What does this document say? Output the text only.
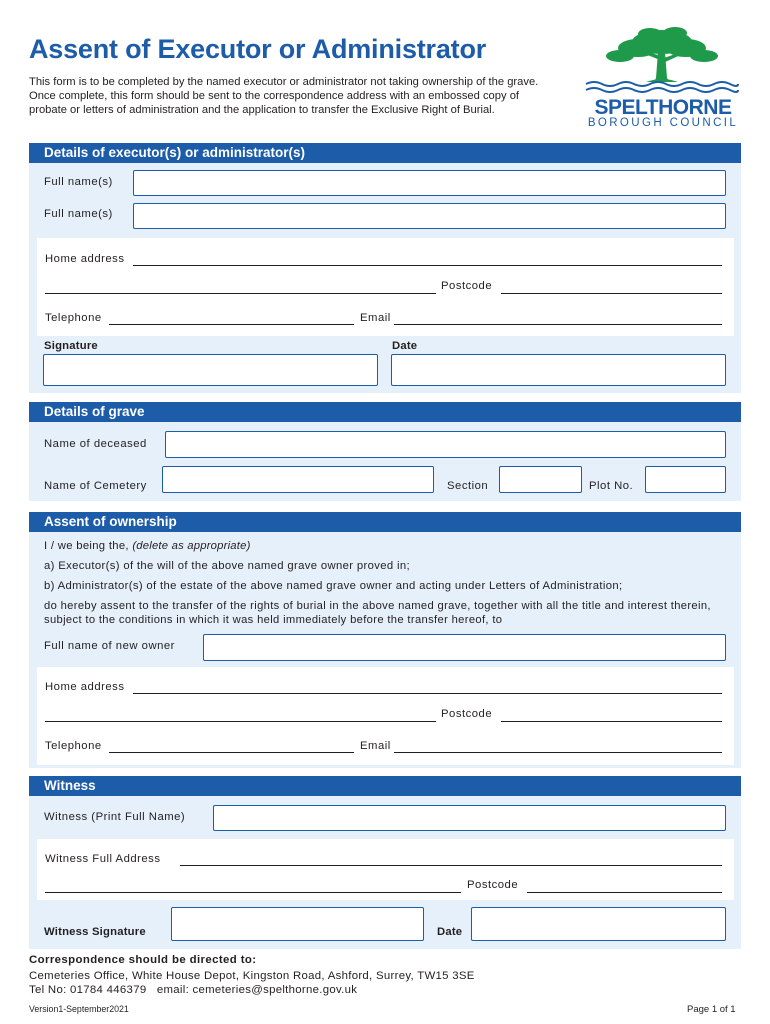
Assent of Executor or Administrator
This form is to be completed by the named executor or administrator not taking ownership of the grave. Once complete, this form should be sent to the correspondence address with an embossed copy of probate or letters of administration and the application to transfer the Exclusive Right of Burial.	SPELTHORNE
BOROUGH COUNCIL
Details of executor(s) or administrator(s)
Full name(s)
Full name(s)
Home address
Postcode
Telephone	Email
Signature	Date
Details of grave
Name of deceased
Name of Cemetery	Section	Plot No.
Assent of ownership
I / we being the, (delete as appropriate)
a) Executor(s) of the will of the above named grave owner proved in;
b) Administrator(s) of the estate of the above named grave owner and acting under Letters of Administration;
do hereby assent to the transfer of the rights of burial in the above named grave, together with all the title and interest therein, subject to the conditions in which it was held immediately before the transfer hereof, to
Full name of new owner
Home address
Postcode
Telephone	Email
Witness
Witness (Print Full Name)
Witness Full Address
Postcode
Witness Signature	Date
Correspondence should be directed to:
Cemeteries Office, White House Depot, Kingston Road, Ashford, Surrey, TW15 3SE
Tel No: 01784 446379   email: cemeteries@spelthorne.gov.uk
Version1-September2021	Page 1 of 1
